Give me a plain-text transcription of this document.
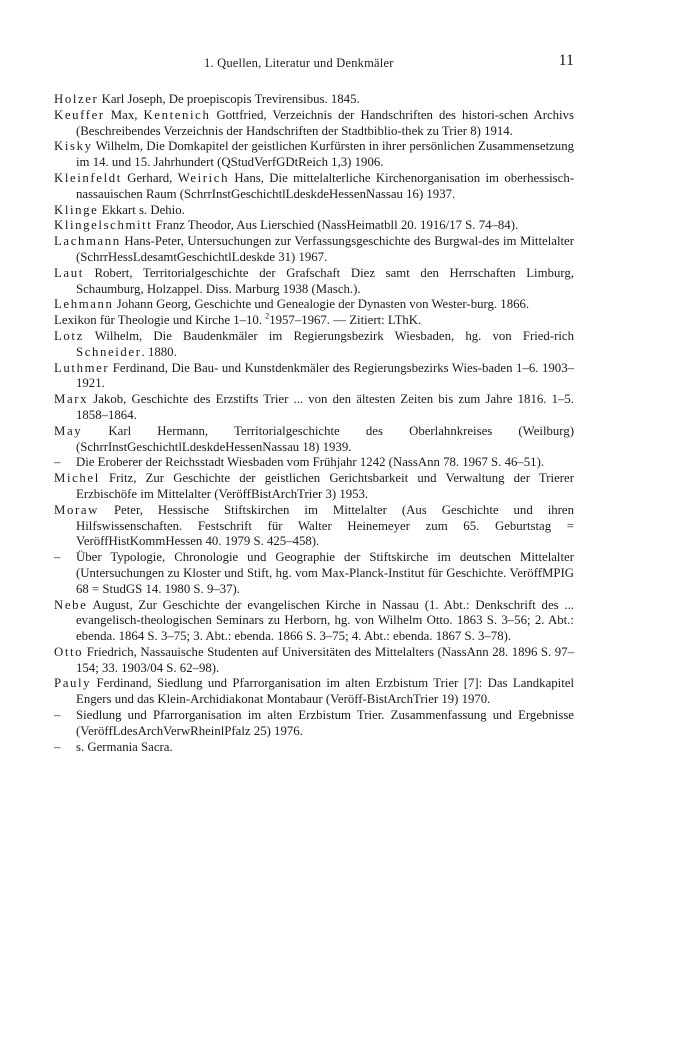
1. Quellen, Literatur und Denkmäler	11

Holzer Karl Joseph, De proepiscopis Trevirensibus. 1845.

Keuffer Max, Kentenich Gottfried, Verzeichnis der Handschriften des histori-schen Archivs (Beschreibendes Verzeichnis der Handschriften der Stadtbiblio-thek zu Trier 8) 1914.

Kisky Wilhelm, Die Domkapitel der geistlichen Kurfürsten in ihrer persönlichen Zusammensetzung im 14. und 15. Jahrhundert (QStudVerfGDtReich 1,3) 1906.

Kleinfeldt Gerhard, Weirich Hans, Die mittelalterliche Kirchenorganisation im oberhessisch-nassauischen Raum (SchrrInstGeschichtlLdeskdeHessenNassau 16) 1937.

Klinge Ekkart s. Dehio.

Klingelschmitt Franz Theodor, Aus Lierschied (NassHeimatbll 20. 1916/17 S. 74–84).

Lachmann Hans-Peter, Untersuchungen zur Verfassungsgeschichte des Burgwal-des im Mittelalter (SchrrHessLdesamtGeschichtlLdeskde 31) 1967.

Laut Robert, Territorialgeschichte der Grafschaft Diez samt den Herrschaften Limburg, Schaumburg, Holzappel. Diss. Marburg 1938 (Masch.).

Lehmann Johann Georg, Geschichte und Genealogie der Dynasten von Wester-burg. 1866.

Lexikon für Theologie und Kirche 1–10. $^2$1957–1967. — Zitiert: LThK.

Lotz Wilhelm, Die Baudenkmäler im Regierungsbezirk Wiesbaden, hg. von Fried-rich Schneider. 1880.

Luthmer Ferdinand, Die Bau- und Kunstdenkmäler des Regierungsbezirks Wies-baden 1–6. 1903–1921.

Marx Jakob, Geschichte des Erzstifts Trier ... von den ältesten Zeiten bis zum Jahre 1816. 1–5. 1858–1864.

May Karl Hermann, Territorialgeschichte des Oberlahnkreises (Weilburg) (SchrrInstGeschichtlLdeskdeHessenNassau 18) 1939.

– Die Eroberer der Reichsstadt Wiesbaden vom Frühjahr 1242 (NassAnn 78. 1967 S. 46–51).

Michel Fritz, Zur Geschichte der geistlichen Gerichtsbarkeit und Verwaltung der Trierer Erzbischöfe im Mittelalter (VeröffBistArchTrier 3) 1953.

Moraw Peter, Hessische Stiftskirchen im Mittelalter (Aus Geschichte und ihren Hilfswissenschaften. Festschrift für Walter Heinemeyer zum 65. Geburtstag = VeröffHistKommHessen 40. 1979 S. 425–458).

– Über Typologie, Chronologie und Geographie der Stiftskirche im deutschen Mittelalter (Untersuchungen zu Kloster und Stift, hg. vom Max-Planck-Institut für Geschichte. VeröffMPIG 68 = StudGS 14. 1980 S. 9–37).

Nebe August, Zur Geschichte der evangelischen Kirche in Nassau (1. Abt.: Denkschrift des ... evangelisch-theologischen Seminars zu Herborn, hg. von Wilhelm Otto. 1863 S. 3–56; 2. Abt.: ebenda. 1864 S. 3–75; 3. Abt.: ebenda. 1866 S. 3–75; 4. Abt.: ebenda. 1867 S. 3–78).

Otto Friedrich, Nassauische Studenten auf Universitäten des Mittelalters (NassAnn 28. 1896 S. 97–154; 33. 1903/04 S. 62–98).

Pauly Ferdinand, Siedlung und Pfarrorganisation im alten Erzbistum Trier [7]: Das Landkapitel Engers und das Klein-Archidiakonat Montabaur (Veröff-BistArchTrier 19) 1970.

– Siedlung und Pfarrorganisation im alten Erzbistum Trier. Zusammenfassung und Ergebnisse (VeröffLdesArchVerwRheinlPfalz 25) 1976.

– s. Germania Sacra.
